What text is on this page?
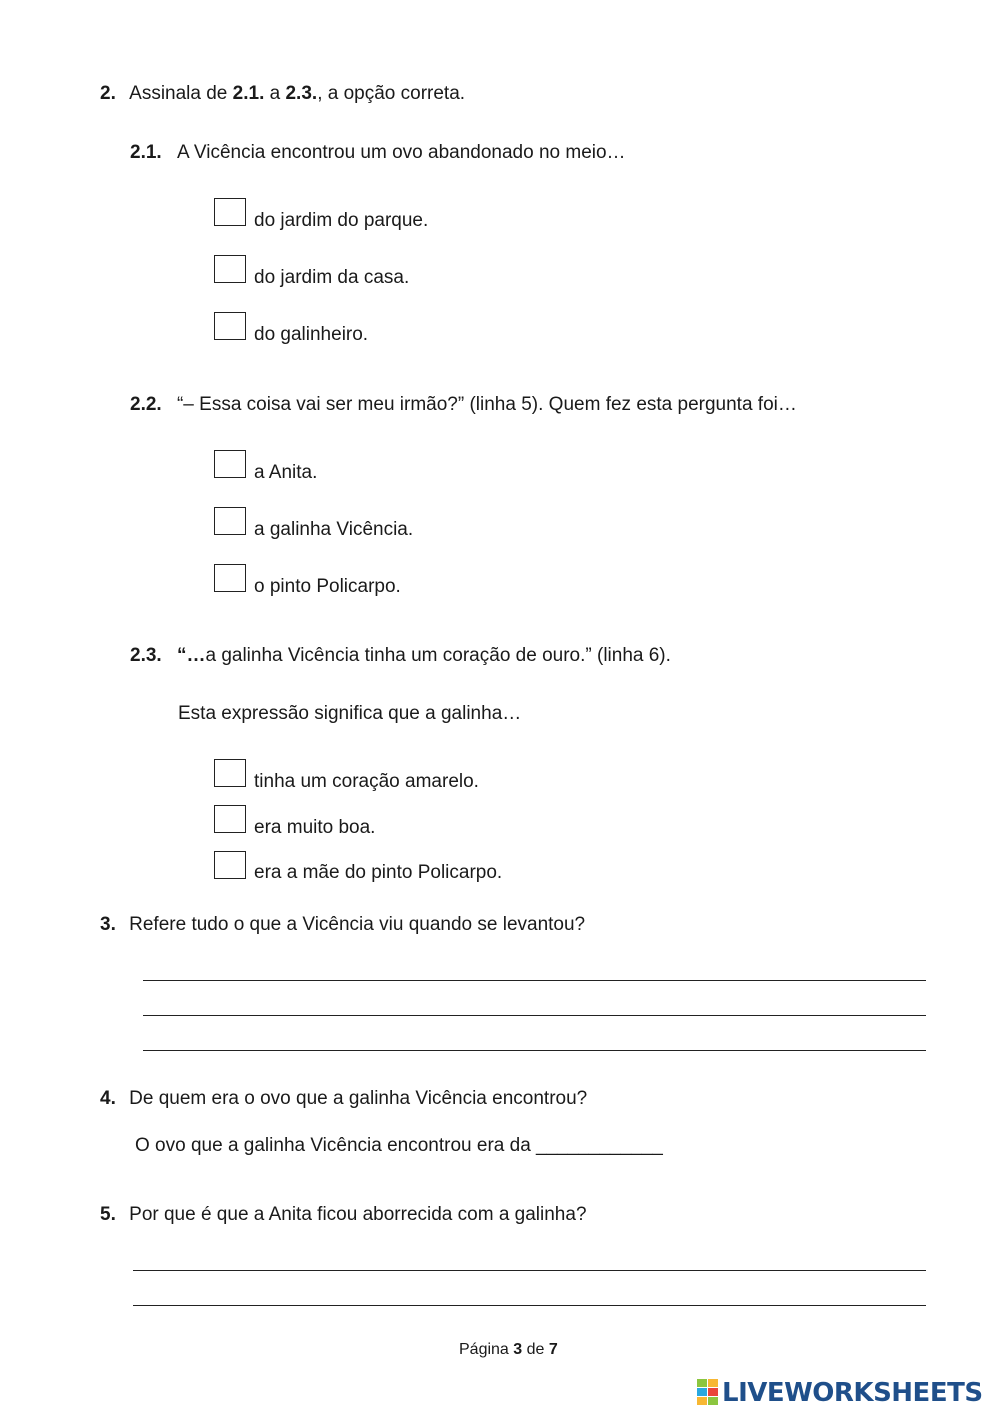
2. Assinala de 2.1. a 2.3., a opção correta.
2.1. A Vicência encontrou um ovo abandonado no meio…
do jardim do parque.
do jardim da casa.
do galinheiro.
2.2. “– Essa coisa vai ser meu irmão?” (linha 5). Quem fez esta pergunta foi…
a Anita.
a galinha Vicência.
o pinto Policarpo.
2.3. “…a galinha Vicência tinha um coração de ouro.” (linha 6).
Esta expressão significa que a galinha…
tinha um coração amarelo.
era muito boa.
era a mãe do pinto Policarpo.
3. Refere tudo o que a Vicência viu quando se levantou?
4. De quem era o ovo que a galinha Vicência encontrou?
O ovo que a galinha Vicência encontrou era da ____________
5. Por que é que a Anita ficou aborrecida com a galinha?
Página 3 de 7
LIVEWORKSHEETS
